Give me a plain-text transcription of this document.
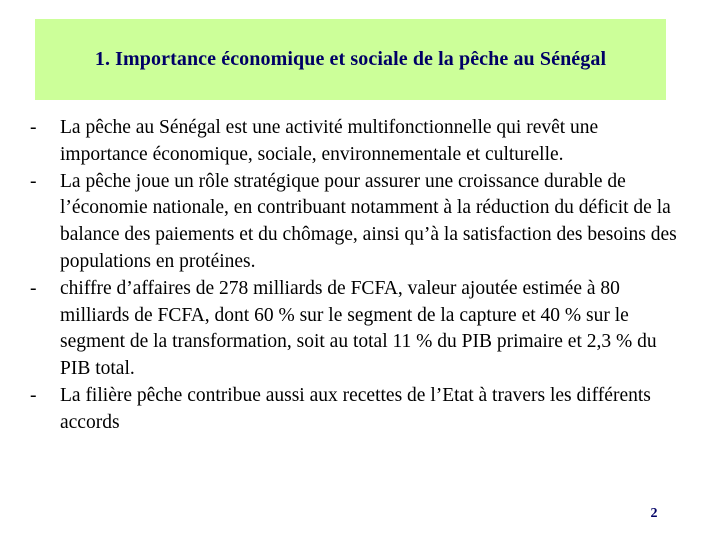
1. Importance économique et sociale de la pêche au Sénégal
-	La pêche au Sénégal est une activité multifonctionnelle qui revêt une importance économique, sociale, environnementale et culturelle.
-	La pêche joue un rôle stratégique pour assurer une croissance durable de l’économie nationale, en contribuant notamment à la réduction du déficit de la balance des paiements et du chômage, ainsi qu’à la satisfaction des besoins des populations en protéines.
-	chiffre d’affaires de 278 milliards de FCFA, valeur ajoutée estimée à 80 milliards de FCFA, dont 60 % sur le segment de la capture et 40 % sur le segment de la transformation, soit au total 11 % du PIB primaire et 2,3 % du PIB total.
-	La filière pêche contribue aussi aux recettes de l’Etat à travers les différents accords
2
